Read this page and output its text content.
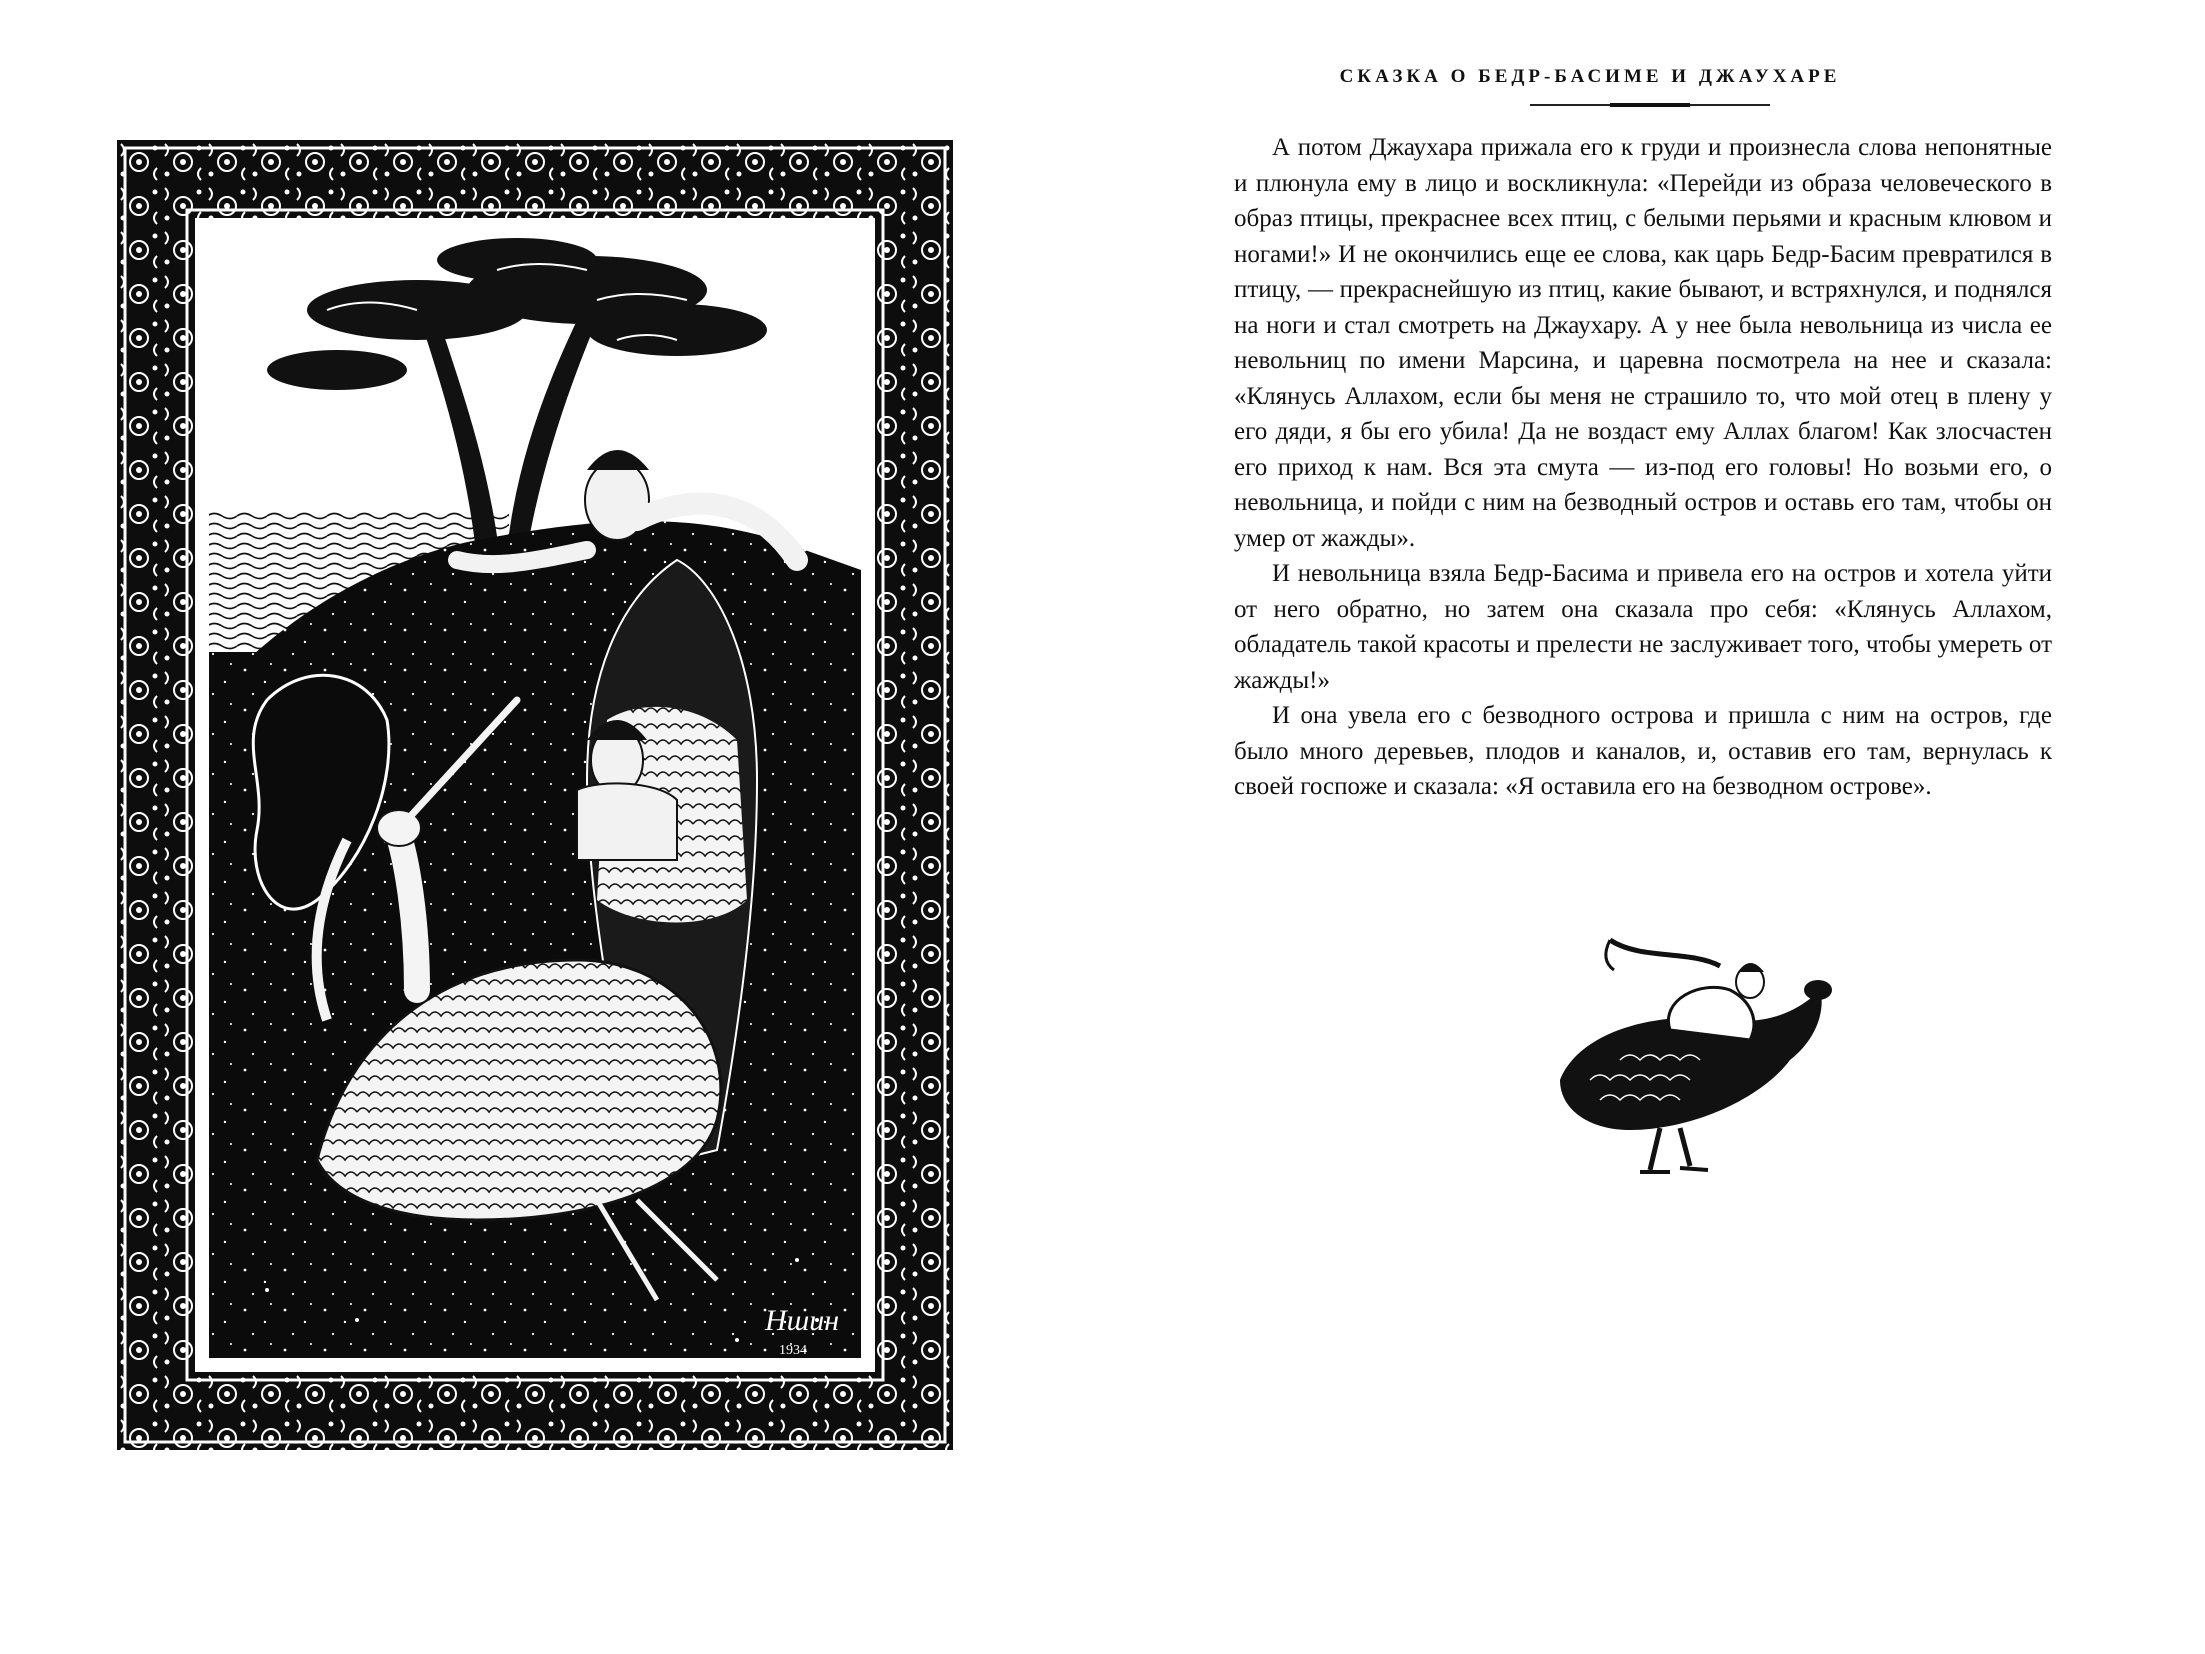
Ншин
1934
СКАЗКА О БЕДР-БАСИМЕ И ДЖАУХАРЕ

А потом Джаухара прижала его к груди и произнесла слова непонятные и плюнула ему в лицо и воскликнула: «Перейди из образа человеческого в образ птицы, прекраснее всех птиц, с белыми перьями и красным клювом и ногами!» И не окончились еще ее слова, как царь Бедр-Басим превратился в птицу, — прекраснейшую из птиц, какие бывают, и встряхнулся, и поднялся на ноги и стал смотреть на Джаухару. А у нее была невольница из числа ее невольниц по имени Марсина, и царевна посмотрела на нее и сказала: «Клянусь Аллахом, если бы меня не страшило то, что мой отец в плену у его дяди, я бы его убила! Да не воздаст ему Аллах благом! Как злосчастен его приход к нам. Вся эта смута — из-под его головы! Но возьми его, о невольница, и пойди с ним на безводный остров и оставь его там, чтобы он умер от жажды».

И невольница взяла Бедр-Басима и привела его на остров и хотела уйти от него обратно, но затем она сказала про себя: «Клянусь Аллахом, обладатель такой красоты и прелести не заслуживает того, чтобы умереть от жажды!»

И она увела его с безводного острова и пришла с ним на остров, где было много деревьев, плодов и каналов, и, оставив его там, вернулась к своей госпоже и сказала: «Я оставила его на безводном острове».
